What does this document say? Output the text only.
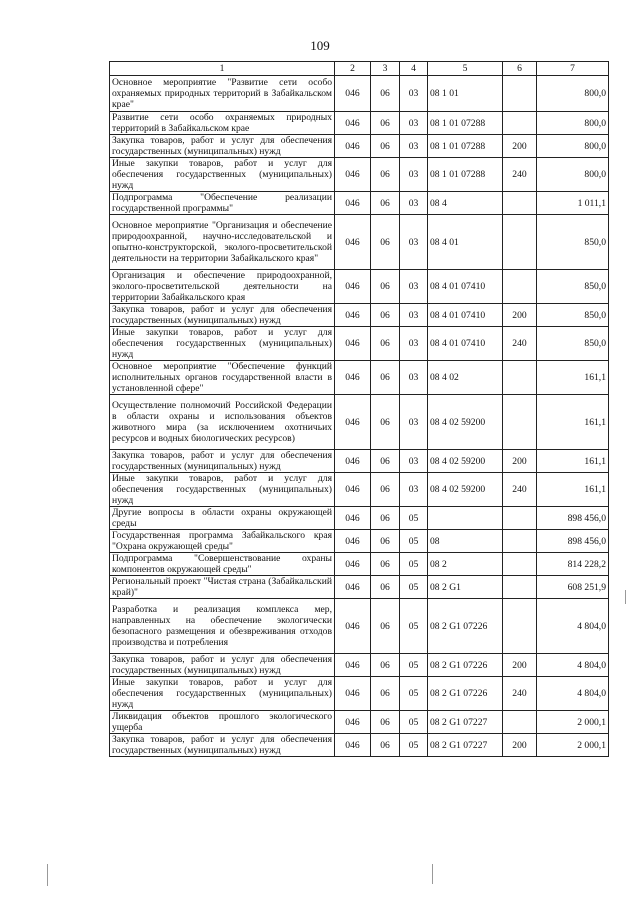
109
1	2	3	4	5	6	7
Основное мероприятие "Развитие сети особо охраняемых природных территорий в Забайкальском крае"	046	06	03	08 1 01		800,0
Развитие сети особо охраняемых природных территорий в Забайкальском крае	046	06	03	08 1 01 07288		800,0
Закупка товаров, работ и услуг для обеспечения государственных (муниципальных) нужд	046	06	03	08 1 01 07288	200	800,0
Иные закупки товаров, работ и услуг для обеспечения государственных (муниципальных) нужд	046	06	03	08 1 01 07288	240	800,0
Подпрограмма "Обеспечение реализации государственной программы"	046	06	03	08 4		1 011,1
Основное мероприятие "Организация и обеспечение природоохранной, научно-исследовательской и опытно-конструкторской, эколого-просветительской деятельности на территории Забайкальского края"	046	06	03	08 4 01		850,0
Организация и обеспечение природоохранной, эколого-просветительской деятельности на территории Забайкальского края	046	06	03	08 4 01 07410		850,0
Закупка товаров, работ и услуг для обеспечения государственных (муниципальных) нужд	046	06	03	08 4 01 07410	200	850,0
Иные закупки товаров, работ и услуг для обеспечения государственных (муниципальных) нужд	046	06	03	08 4 01 07410	240	850,0
Основное мероприятие "Обеспечение функций исполнительных органов государственной власти в установленной сфере"	046	06	03	08 4 02		161,1
Осуществление полномочий Российской Федерации в области охраны и использования объектов животного мира (за исключением охотничьих ресурсов и водных биологических ресурсов)	046	06	03	08 4 02 59200		161,1
Закупка товаров, работ и услуг для обеспечения государственных (муниципальных) нужд	046	06	03	08 4 02 59200	200	161,1
Иные закупки товаров, работ и услуг для обеспечения государственных (муниципальных) нужд	046	06	03	08 4 02 59200	240	161,1
Другие вопросы в области охраны окружающей среды	046	06	05			898 456,0
Государственная программа Забайкальского края "Охрана окружающей среды"	046	06	05	08		898 456,0
Подпрограмма "Совершенствование охраны компонентов окружающей среды"	046	06	05	08 2		814 228,2
Региональный проект "Чистая страна (Забайкальский край)"	046	06	05	08 2 G1		608 251,9
Разработка и реализация комплекса мер, направленных на обеспечение экологически безопасного размещения и обезвреживания отходов производства и потребления	046	06	05	08 2 G1 07226		4 804,0
Закупка товаров, работ и услуг для обеспечения государственных (муниципальных) нужд	046	06	05	08 2 G1 07226	200	4 804,0
Иные закупки товаров, работ и услуг для обеспечения государственных (муниципальных) нужд	046	06	05	08 2 G1 07226	240	4 804,0
Ликвидация объектов прошлого экологического ущерба	046	06	05	08 2 G1 07227		2 000,1
Закупка товаров, работ и услуг для обеспечения государственных (муниципальных) нужд	046	06	05	08 2 G1 07227	200	2 000,1
